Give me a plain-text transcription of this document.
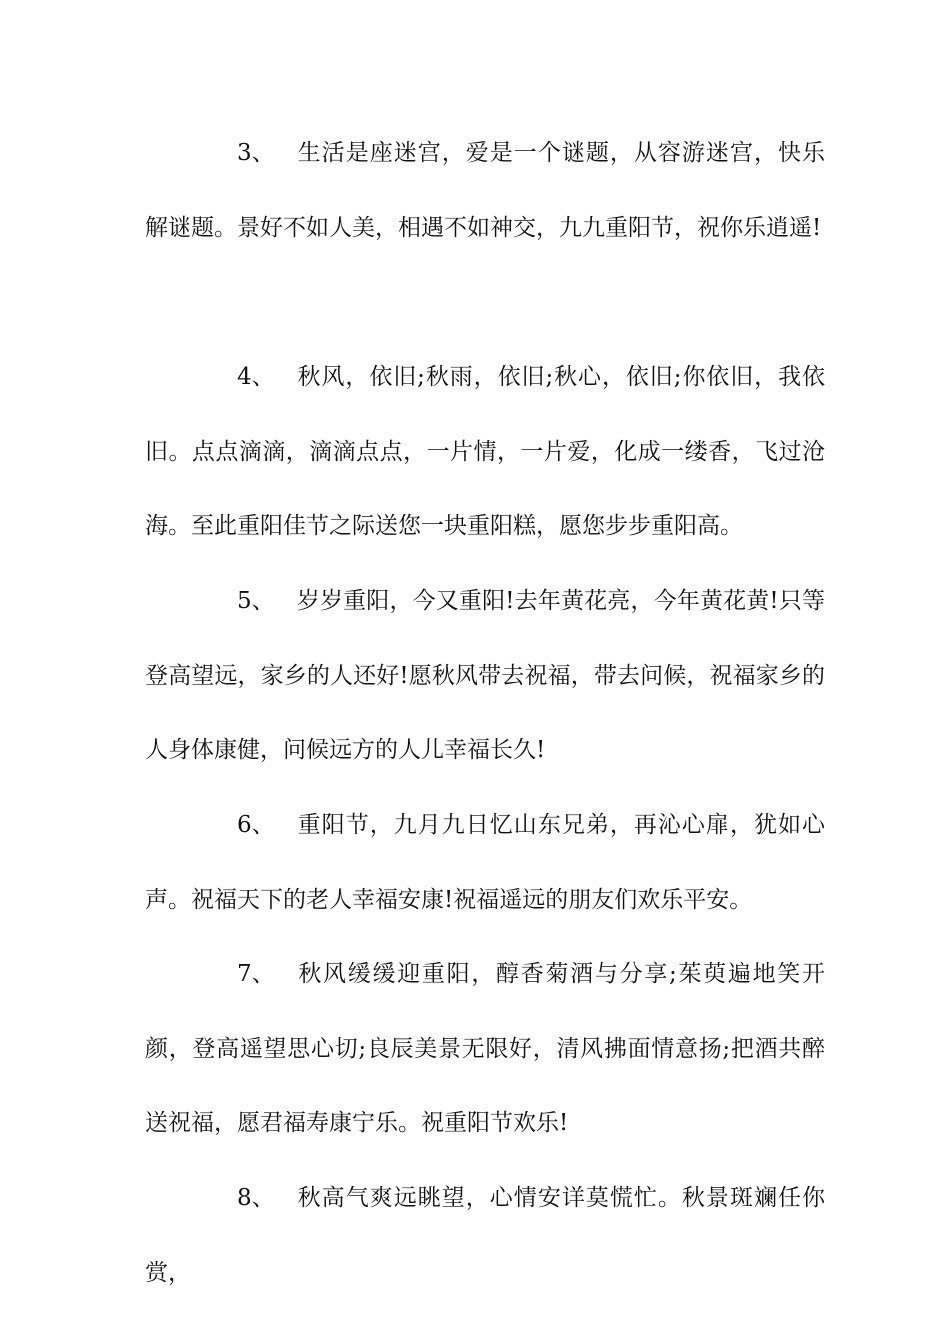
3、 生活是座迷宫，爱是一个谜题，从容游迷宫，快乐解谜题。景好不如人美，相遇不如神交，九九重阳节，祝你乐逍遥!

4、 秋风，依旧;秋雨，依旧;秋心，依旧;你依旧，我依旧。点点滴滴，滴滴点点，一片情，一片爱，化成一缕香，飞过沧海。至此重阳佳节之际送您一块重阳糕，愿您步步重阳高。

5、 岁岁重阳，今又重阳!去年黄花亮，今年黄花黄!只等登高望远，家乡的人还好!愿秋风带去祝福，带去问候，祝福家乡的人身体康健，问候远方的人儿幸福长久!

6、 重阳节，九月九日忆山东兄弟，再沁心扉，犹如心声。祝福天下的老人幸福安康!祝福遥远的朋友们欢乐平安。

7、 秋风缓缓迎重阳，醇香菊酒与分享;茱萸遍地笑开颜，登高遥望思心切;良辰美景无限好，清风拂面情意扬;把酒共醉送祝福，愿君福寿康宁乐。祝重阳节欢乐!

8、 秋高气爽远眺望，心情安详莫慌忙。秋景斑斓任你赏，
